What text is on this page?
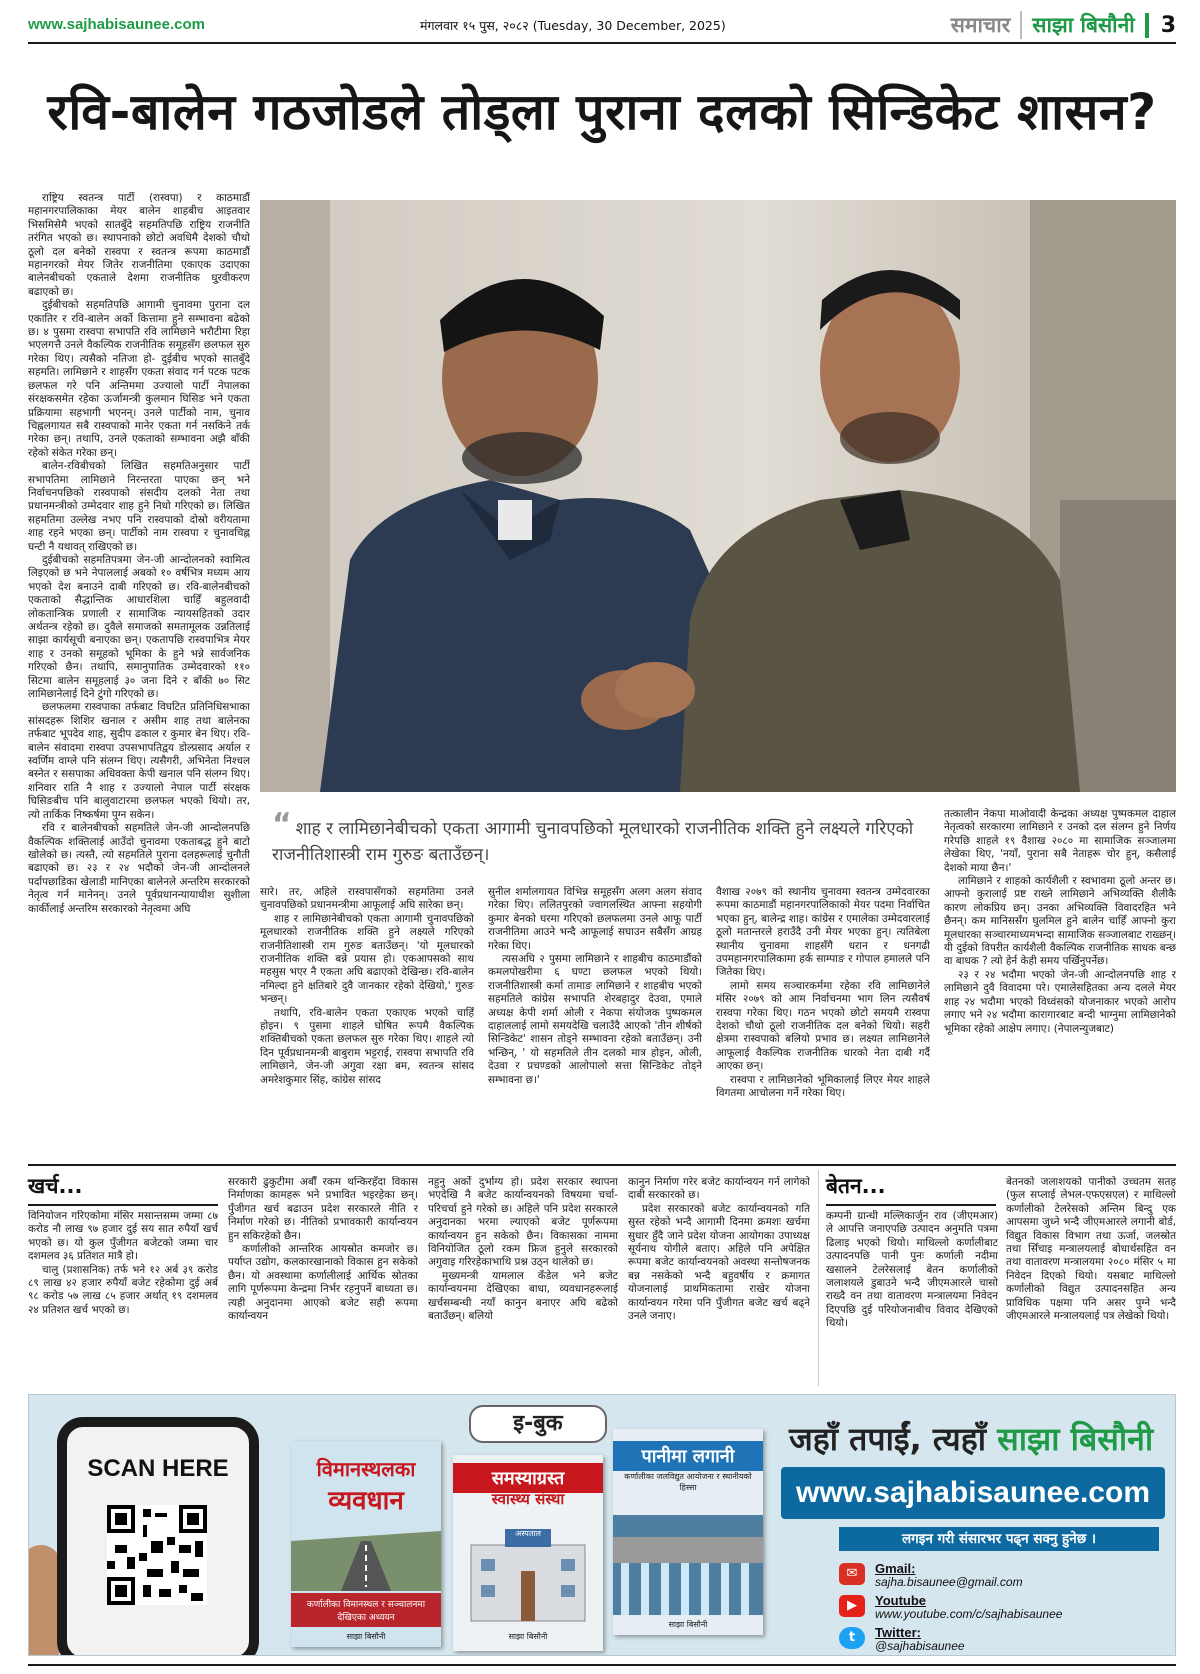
www.sajhabisaunee.com	मंगलवार १५ पुस, २०८२ (Tuesday, 30 December, 2025)	समाचार	साझा बिसौनी	3
रवि-बालेन गठजोडले तोड्ला पुराना दलको सिन्डिकेट शासन?

राष्ट्रिय स्वतन्त्र पार्टी (रास्वपा) र काठमाडौं महानगरपालिकाका मेयर बालेन शाहबीच आइतवार भिसमिसेमै भएको सातबुँदे सहमतिपछि राष्ट्रिय राजनीति तरंगित भएको छ। स्थापनाको छोटो अवधिमै देशको चौथो ठूलो दल बनेको रास्वपा र स्वतन्त्र रूपमा काठमाडौं महानगरको मेयर जितेर राजनीतिमा एकाएक उदाएका बालेनबीचको एकताले देशमा राजनीतिक धु्रवीकरण बढाएको छ।

दुईबीचको सहमतिपछि आगामी चुनावमा पुराना दल एकातिर र रवि-बालेन अर्को कित्तामा हुने सम्भावना बढेको छ। ४ पुसमा रास्वपा सभापति रवि लामिछाने भरौटीमा रिहा भएलगत्तै उनले वैकल्पिक राजनीतिक समूहसँग छलफल सुरु गरेका थिए। त्यसैको नतिजा हो- दुईबीच भएको सातबुँदे सहमति। लामिछाने र शाहसँग एकता संवाद गर्न पटक पटक छलफल गरे पनि अन्तिममा उज्यालो पार्टी नेपालका संरक्षकसमेत रहेका ऊर्जामन्त्री कुलमान घिसिङ भने एकता प्रक्रियामा सहभागी भएनन्। उनले पार्टीको नाम, चुनाव चिह्नलगायत सबै रास्वपाको मानेर एकता गर्न नसकिने तर्क गरेका छन्। तथापि, उनले एकताको सम्भावना अझै बाँकी रहेको संकेत गरेका छन्।

बालेन-रविबीचको लिखित सहमतिअनुसार पार्टी सभापतिमा लामिछाने निरन्तरता पाएका छन् भने निर्वाचनपछिको रास्वपाको संसदीय दलको नेता तथा प्रधानमन्त्रीको उम्मेदवार शाह हुने निधो गरिएको छ। लिखित सहमतिमा उल्लेख नभए पनि रास्वपाको दोस्रो वरीयतामा शाह रहने भएका छन्। पार्टीको नाम रास्वपा र चुनावचिह्न घन्टी नै यथावत् राखिएको छ।

दुईबीचको सहमतिपत्रमा जेन-जी आन्दोलनको स्वामित्व लिइएको छ भने नेपाललाई अबको १० वर्षभित्र मध्यम आय भएको देश बनाउने दाबी गरिएको छ। रवि-बालेनबीचको एकताको सैद्धान्तिक आधारशिला चाहिँ बहुलवादी लोकतान्त्रिक प्रणाली र सामाजिक न्यायसहितको उदार अर्थतन्त्र रहेको छ। दुवैले समाजको समतामूलक उन्नतिलाई साझा कार्यसूची बनाएका छन्। एकतापछि रास्वपाभित्र मेयर शाह र उनको समूहको भूमिका के हुने भन्ने सार्वजनिक गरिएको छैन। तथापि, समानुपातिक उम्मेदवारको ११० सिटमा बालेन समूहलाई ३० जना दिने र बाँकी ७० सिट लामिछानेलाई दिने टुंगो गरिएको छ।

छलफलमा रास्वपाका तर्फबाट विघटित प्रतिनिधिसभाका सांसदहरू शिशिर खनाल र असीम शाह तथा बालेनका तर्फबाट भूपदेव शाह, सुदीप ढकाल र कुमार बेन थिए। रवि-बालेन संवादमा रास्वपा उपसभापतिद्वय डोल्प्रसाद अर्याल र स्वर्णिम वाग्ले पनि संलग्न थिए। त्यसैगरी, अभिनेता निश्चल बस्नेत र ससपाका अधिवक्ता केपी खनाल पनि संलग्न थिए। शनिवार राति नै शाह र उज्यालो नेपाल पार्टी संरक्षक घिसिङबीच पनि बालुवाटारमा छलफल भएको थियो। तर, त्यो तार्किक निष्कर्षमा पुग्न सकेन।

रवि र बालेनबीचको सहमतिले जेन-जी आन्दोलनपछि वैकल्पिक शक्तिलाई आउँदो चुनावमा एकताबद्ध हुने बाटो खोलेको छ। त्यस्तै, त्यो सहमतिले पुराना दलहरूलाई चुनौती बढाएको छ। २३ र २४ भदौको जेन-जी आन्दोलनले पर्दापछाडिका खेलाडी मानिएका बालेनले अन्तरिम सरकारको नेतृत्व गर्न मानेनन्। उनले पूर्वप्रधानन्यायाधीश सुशीला कार्कीलाई अन्तरिम सरकारको नेतृत्वमा अघि

“ शाह र लामिछानेबीचको एकता आगामी चुनावपछिको मूलधारको राजनीतिक शक्ति हुने लक्ष्यले गरिएको राजनीतिशास्त्री राम गुरुङ बताउँछन्।

सारे। तर, अहिले रास्वपासँगको सहमतिमा उनले चुनावपछिको प्रधानमन्त्रीमा आफूलाई अघि सारेका छन्।

शाह र लामिछानेबीचको एकता आगामी चुनावपछिको मूलधारको राजनीतिक शक्ति हुने लक्ष्यले गरिएको राजनीतिशास्त्री राम गुरुङ बताउँछन्। 'यो मूलधारको राजनीतिक शक्ति बन्ने प्रयास हो। एकआपसको साथ महसुस भएर नै एकता अघि बढाएको देखिन्छ। रवि-बालेन नमिल्दा हुने क्षतिबारे दुवै जानकार रहेको देखियो,' गुरुङ भन्छन्।

तथापि, रवि-बालेन एकता एकाएक भएको चाहिँ होइन। ९ पुसमा शाहले घोषित रूपमै वैकल्पिक शक्तिबीचको एकता छलफल सुरु गरेका थिए। शाहले त्यो दिन पूर्वप्रधानमन्त्री बाबुराम भट्टराई, रास्वपा सभापति रवि लामिछाने, जेन-जी अगुवा रक्षा बम, स्वतन्त्र सांसद अमरेशकुमार सिंह, कांग्रेस सांसद

सुनील शर्मालगायत विभिन्न समूहसँग अलग अलग संवाद गरेका थिए। ललितपुरको ज्वागलस्थित आफ्ना सहयोगी कुमार बेनको घरमा गरिएको छलफलमा उनले आफू पार्टी राजनीतिमा आउने भन्दै आफूलाई सघाउन सबैसँग आग्रह गरेका थिए।

त्यसअघि २ पुसमा लामिछाने र शाहबीच काठमाडौंको कमलपोखरीमा ६ घण्टा छलफल भएको थियो। राजनीतिशास्त्री कर्मा तामाङ लामिछाने र शाहबीच भएको सहमतिले कांग्रेस सभापति शेरबहादुर देउवा, एमाले अध्यक्ष केपी शर्मा ओली र नेकपा संयोजक पुष्पकमल दाहाललाई लामो समयदेखि चलाउँदै आएको 'तीन शीर्षको सिन्डिकेट' शासन तोड्ने सम्भावना रहेको बताउँछन्। उनी भन्छिन्, ' यो सहमतिले तीन दलको मात्र होइन, ओली, देउवा र प्रचण्डको आलोपालो सत्ता सिन्डिकेट तोड्ने सम्भावना छ।'

वैशाख २०७९ को स्थानीय चुनावमा स्वतन्त्र उम्मेदवारका रूपमा काठमाडौं महानगरपालिकाको मेयर पदमा निर्वाचित भएका हुन्, बालेन्द्र शाह। कांग्रेस र एमालेका उम्मेदवारलाई ठूलो मतान्तरले हराउँदै उनी मेयर भएका हुन्। त्यतिबेला स्थानीय चुनावमा शाहसँगै धरान र धनगढी उपमहानगरपालिकामा हर्क साम्पाङ र गोपाल हमालले पनि जितेका थिए।

लामो समय सञ्चारकर्ममा रहेका रवि लामिछानेले मंसिर २०७९ को आम निर्वाचनमा भाग लिन त्यसैवर्ष रास्वपा गरेका थिए। गठन भएको छोटो समयमै रास्वपा देशको चौथो ठूलो राजनीतिक दल बनेको थियो। सहरी क्षेत्रमा रास्वपाको बलियो प्रभाव छ। लक्ष्यत लामिछानेले आफूलाई वैकल्पिक राजनीतिक धारको नेता दाबी गर्दै आएका छन्।

रास्वपा र लामिछानेको भूमिकालाई लिएर मेयर शाहले विगतमा आचोलना गर्ने गरेका थिए।

तत्कालीन नेकपा माओवादी केन्द्रका अध्यक्ष पुष्पकमल दाहाल नेतृत्वको सरकारमा लामिछाने र उनको दल संलग्न हुने निर्णय गरेपछि शाहले १९ वैशाख २०८० मा सामाजिक सञ्जालमा लेखेका थिए, 'नयाँ, पुराना सबै नेताहरू चोर हुन्, कसैलाई देशको माया छैन।'

लामिछाने र शाहको कार्यशैली र स्वभावमा ठूलो अन्तर छ। आफ्नो कुरालाई प्रष्ट राख्ने लामिछाने अभिव्यक्ति शैलीकै कारण लोकप्रिय छन्। उनका अभिव्यक्ति विवादरहित भने छैनन्। कम मानिससँग घुलमिल हुने बालेन चाहिँ आफ्नो कुरा मूलधारका सञ्चारमाध्यमभन्दा सामाजिक सञ्जालबाट राख्छन्। यी दुईको विपरीत कार्यशैली वैकल्पिक राजनीतिक साधक बन्छ वा बाधक ? त्यो हेर्न केही समय पर्खिनुपर्नेछ।

२३ र २४ भदौमा भएको जेन-जी आन्दोलनपछि शाह र लामिछाने दुवै विवादमा परे। एमालेसहितका अन्य दलले मेयर शाह २४ भदौमा भएको विध्वंसको योजनाकार भएको आरोप लगाए भने २४ भदौमा कारागारबाट बन्दी भाग्नुमा लामिछानेको भूमिका रहेको आक्षेप लगाए। (नेपालन्युजबाट)

खर्च...

विनियोजन गरिएकोमा मंसिर मसान्तसम्म जम्मा ८७ करोड नौ लाख ९७ हजार दुई सय सात रुपैयाँ खर्च भएको छ। यो कुल पुँजीगत बजेटको जम्मा चार दशमलव ३६ प्रतिशत मात्रै हो।

चालु (प्रशासनिक) तर्फ भने १२ अर्ब ३९ करोड ८९ लाख ४२ हजार रुपैयाँ बजेट रहेकोमा दुई अर्ब ९८ करोड ५७ लाख ८५ हजार अर्थात् १९ दशमलव २४ प्रतिशत खर्च भएको छ।

सरकारी ढुकुटीमा अर्बौं रकम थन्किरहँदा विकास निर्माणका कामहरू भने प्रभावित भइरहेका छन्। पुँजीगत खर्च बढाउन प्रदेश सरकारले नीति र निर्माण गरेको छ। नीतिको प्रभावकारी कार्यान्वयन हुन सकिरहेको छैन।

कर्णालीको आन्तरिक आयस्रोत कमजोर छ। पर्याप्त उद्योग, कलकारखानाको विकास हुन सकेको छैन। यो अवस्थामा कर्णालीलाई आर्थिक स्रोतका लागि पूर्णरूपमा केन्द्रमा निर्भर रहनुपर्ने बाध्यता छ। त्यही अनुदानमा आएको बजेट सही रूपमा कार्यान्वयन

नहुनु अर्को दुर्भाग्य हो। प्रदेश सरकार स्थापना भएदेखि नै बजेट कार्यान्वयनको विषयमा चर्चा-परिचर्चा हुने गरेको छ। अहिले पनि प्रदेश सरकारले अनुदानका भरमा ल्याएको बजेट पूर्णरूपमा कार्यान्वयन हुन सकेको छैन। विकासका नाममा विनियोजित ठूलो रकम फ्रिज हुनुले सरकारको अगुवाइ गरिरहेकाभाथि प्रश्न उठ्न थालेको छ।

मुख्यमन्त्री यामलाल कँडेल भने बजेट कार्यान्वयनमा देखिएका बाधा, व्यवधानहरूलाई खर्चसम्बन्धी नयाँ कानुन बनाएर अघि बढेको बताउँछन्। बलियो

कानुन निर्माण गरेर बजेट कार्यान्वयन गर्न लागेको दाबी सरकारको छ।

प्रदेश सरकारको बजेट कार्यान्वयनको गति सुस्त रहेको भन्दै आगामी दिनमा क्रमशः खर्चमा सुधार हुँदै जाने प्रदेश योजना आयोगका उपाध्यक्ष सूर्यनाथ योगीले बताए। अहिले पनि अपेक्षित रूपमा बजेट कार्यान्वयनको अवस्था सन्तोषजनक बन्न नसकेको भन्दै बहुवर्षीय र क्रमागत योजनालाई प्राथमिकतामा राखेर योजना कार्यान्वयन गरेमा पनि पुँजीगत बजेट खर्च बढ्ने उनले जनाए।

बेतन...

कम्पनी ग्रान्धी मल्लिकार्जुन राव (जीएमआर) ले आपत्ति जनाएपछि उत्पादन अनुमति पत्रमा ढिलाइ भएको थियो। माथिल्लो कर्णालीबाट उत्पादनपछि पानी पुनः कर्णाली नदीमा खसालने टेलरेसलाई बेतन कर्णालीको जलाशयले डुबाउने भन्दै जीएमआरले चासो राख्दै वन तथा वातावरण मन्त्रालयमा निवेदन दिएपछि दुई परियोजनाबीच विवाद देखिएको थियो।

बेतनको जलाशयको पानीको उच्चतम सतह (फुल सप्लाई लेभल-एफएसएल) र माथिल्लो कर्णालीको टेलरेसको अन्तिम बिन्दु एक आपसमा जुध्ने भन्दै जीएमआरले लगानी बोर्ड, विद्युत विकास विभाग तथा ऊर्जा, जलस्रोत तथा सिँचाइ मन्त्रालयलाई बोधार्थसहित वन तथा वातावरण मन्त्रालयमा २०८० मंसिर ५ मा निवेदन दिएको थियो। यसबाट माथिल्लो कर्णालीको विद्युत उत्पादनसहित अन्य प्राविधिक पक्षमा पनि असर पुग्ने भन्दै जीएमआरले मन्त्रालयलाई पत्र लेखेको थियो।

SCAN HERE
इ-बुक
विमानस्थलका
व्यवधान
कर्णालीका विमानस्थल र सञ्चालनमा देखिएका अध्ययन
साझा बिसौनी
समस्याग्रस्त
स्वास्थ्य संस्था
अस्पताल
साझा बिसौनी
पानीमा लगानी
कर्णालीका जलविद्युत आयोजना र स्थानीयको हिस्सा
साझा बिसौनी
जहाँ तपाईं, त्यहाँ साझा बिसौनी
www.sajhabisaunee.com
लगइन गरी संसारभर पढ्न सक्नु हुनेछ ।
✉	Gmail:
sajha.bisaunee@gmail.com
▶	Youtube
www.youtube.com/c/sajhabisaunee
t	Twitter:
@sajhabisaunee
